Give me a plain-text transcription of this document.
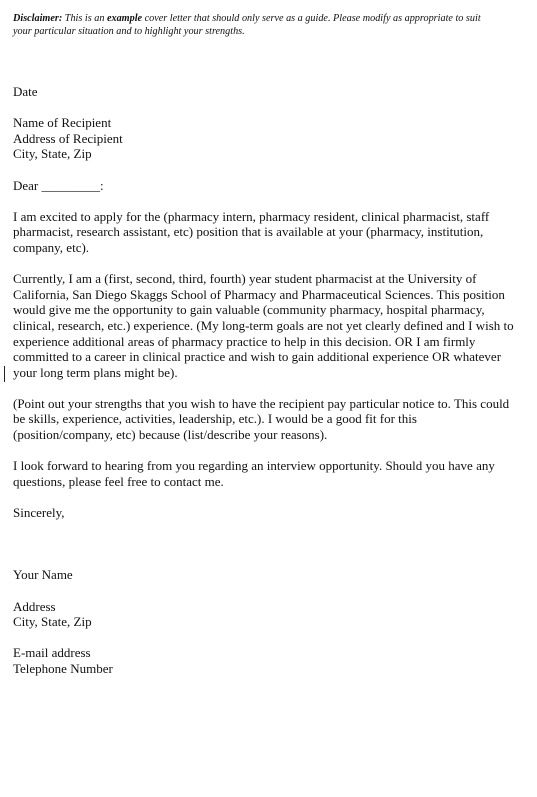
Disclaimer: This is an example cover letter that should only serve as a guide. Please modify as appropriate to suit your particular situation and to highlight your strengths.

Date

Name of Recipient

Address of Recipient

City, State, Zip

Dear _________:

I am excited to apply for the (pharmacy intern, pharmacy resident, clinical pharmacist, staff pharmacist, research assistant, etc) position that is available at your (pharmacy, institution, company, etc).

Currently, I am a (first, second, third, fourth) year student pharmacist at the University of California, San Diego Skaggs School of Pharmacy and Pharmaceutical Sciences. This position would give me the opportunity to gain valuable (community pharmacy, hospital pharmacy, clinical, research, etc.) experience. (My long-term goals are not yet clearly defined and I wish to experience additional areas of pharmacy practice to help in this decision. OR I am firmly committed to a career in clinical practice and wish to gain additional experience OR whatever your long term plans might be).

(Point out your strengths that you wish to have the recipient pay particular notice to. This could be skills, experience, activities, leadership, etc.). I would be a good fit for this (position/company, etc) because (list/describe your reasons).

I look forward to hearing from you regarding an interview opportunity. Should you have any questions, please feel free to contact me.

Sincerely,

Your Name

Address

City, State, Zip

E-mail address

Telephone Number
